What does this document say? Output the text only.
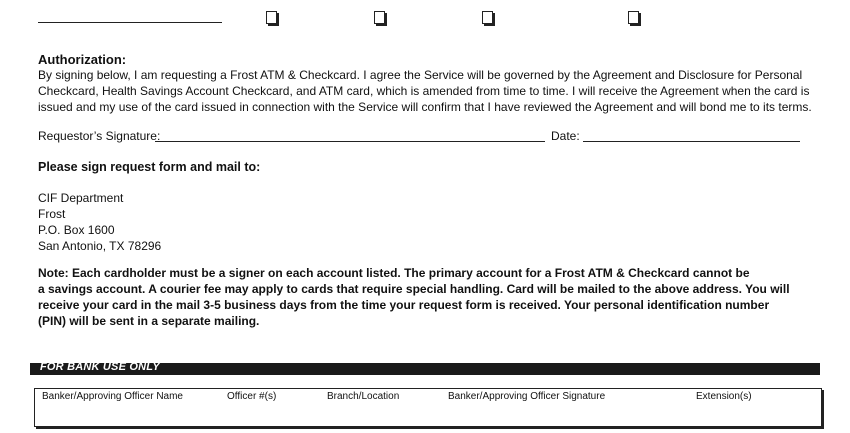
Authorization:
By signing below, I am requesting a Frost ATM & Checkcard. I agree the Service will be governed by the Agreement and Disclosure for Personal
Checkcard, Health Savings Account Checkcard, and ATM card, which is amended from time to time. I will receive the Agreement when the card is
issued and my use of the card issued in connection with the Service will confirm that I have reviewed the Agreement and will bond me to its terms.
Requestor’s Signature:	Date:
Please sign request form and mail to:
CIF Department
Frost
P.O. Box 1600
San Antonio, TX 78296
Note: Each cardholder must be a signer on each account listed. The primary account for a Frost ATM & Checkcard cannot be
a savings account. A courier fee may apply to cards that require special handling. Card will be mailed to the above address. You will
receive your card in the mail 3-5 business days from the time your request form is received. Your personal identification number
(PIN) will be sent in a separate mailing.
FOR BANK USE ONLY
Banker/Approving Officer Name	Officer #(s)	Branch/Location	Banker/Approving Officer Signature	Extension(s)
